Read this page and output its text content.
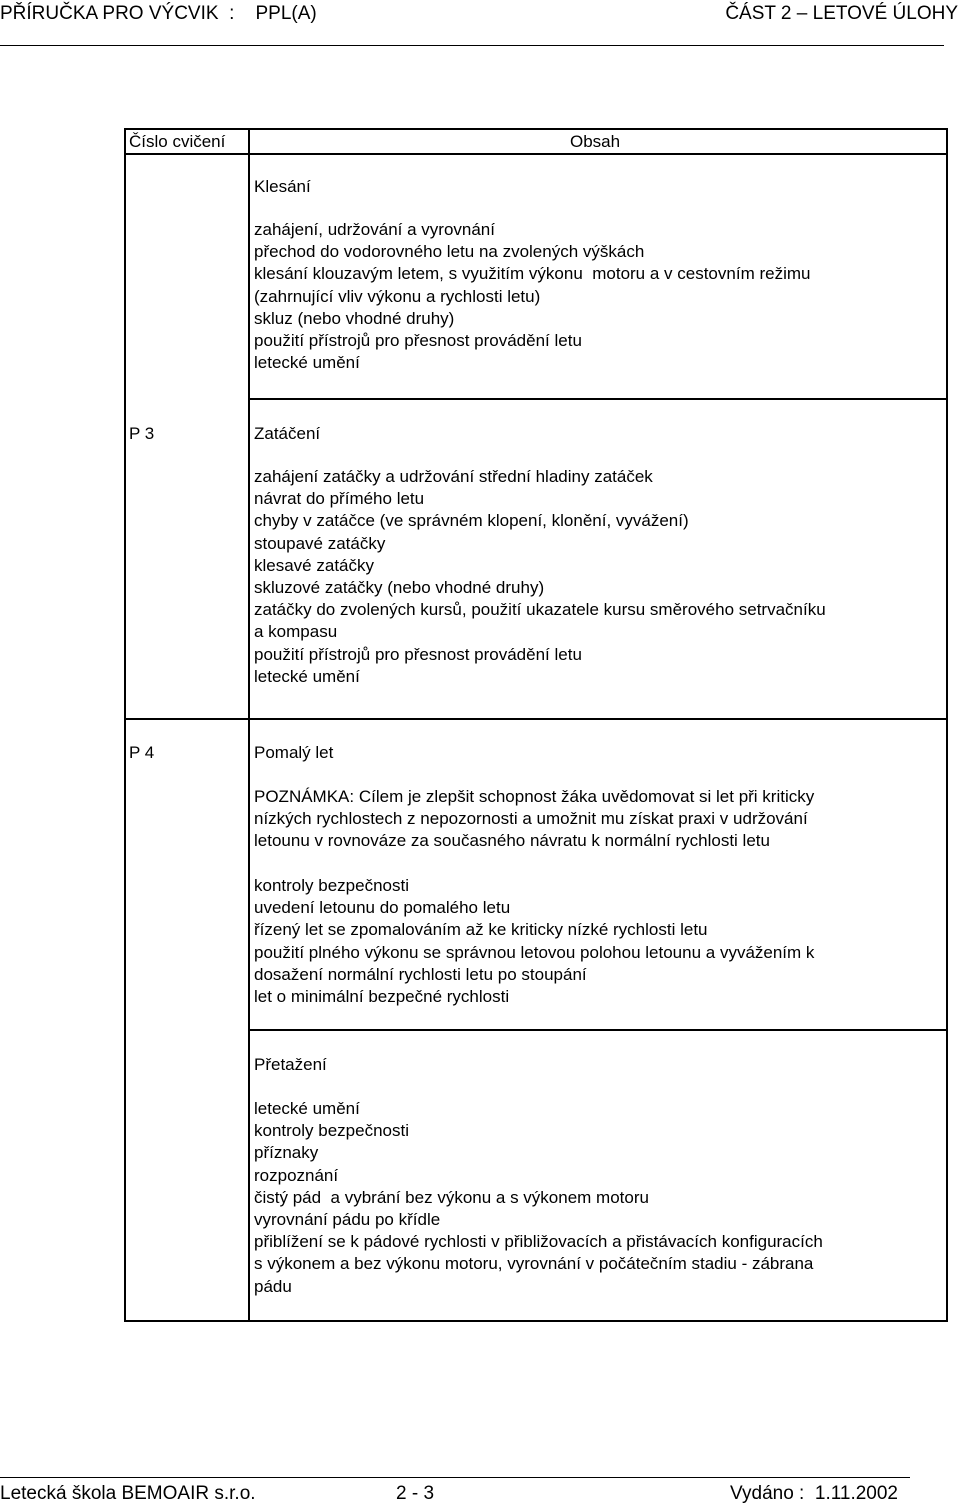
PŘÍRUČKA PRO VÝCVIK  :    PPL(A)	ČÁST 2 – LETOVÉ ÚLOHY
Číslo cvičení	Obsah
Klesání
zahájení, udržování a vyrovnání
přechod do vodorovného letu na zvolených výškách
klesání klouzavým letem, s využitím výkonu  motoru a v cestovním režimu
(zahrnující vliv výkonu a rychlosti letu)
skluz (nebo vhodné druhy)
použití přístrojů pro přesnost provádění letu
letecké umění
P 3	Zatáčení
zahájení zatáčky a udržování střední hladiny zatáček
návrat do přímého letu
chyby v zatáčce (ve správném klopení, klonění, vyvážení)
stoupavé zatáčky
klesavé zatáčky
skluzové zatáčky (nebo vhodné druhy)
zatáčky do zvolených kursů, použití ukazatele kursu směrového setrvačníku
a kompasu
použití přístrojů pro přesnost provádění letu
letecké umění
P 4	Pomalý let
POZNÁMKA: Cílem je zlepšit schopnost žáka uvědomovat si let při kriticky
nízkých rychlostech z nepozornosti a umožnit mu získat praxi v udržování
letounu v rovnováze za současného návratu k normální rychlosti letu
kontroly bezpečnosti
uvedení letounu do pomalého letu
řízený let se zpomalováním až ke kriticky nízké rychlosti letu
použití plného výkonu se správnou letovou polohou letounu a vyvážením k
dosažení normální rychlosti letu po stoupání
let o minimální bezpečné rychlosti
Přetažení
letecké umění
kontroly bezpečnosti
příznaky
rozpoznání
čistý pád  a vybrání bez výkonu a s výkonem motoru
vyrovnání pádu po křídle
přiblížení se k pádové rychlosti v přibližovacích a přistávacích konfiguracích
s výkonem a bez výkonu motoru, vyrovnání v počátečním stadiu - zábrana
pádu
Letecká škola BEMOAIR s.r.o.	2 - 3	Vydáno :  1.11.2002
